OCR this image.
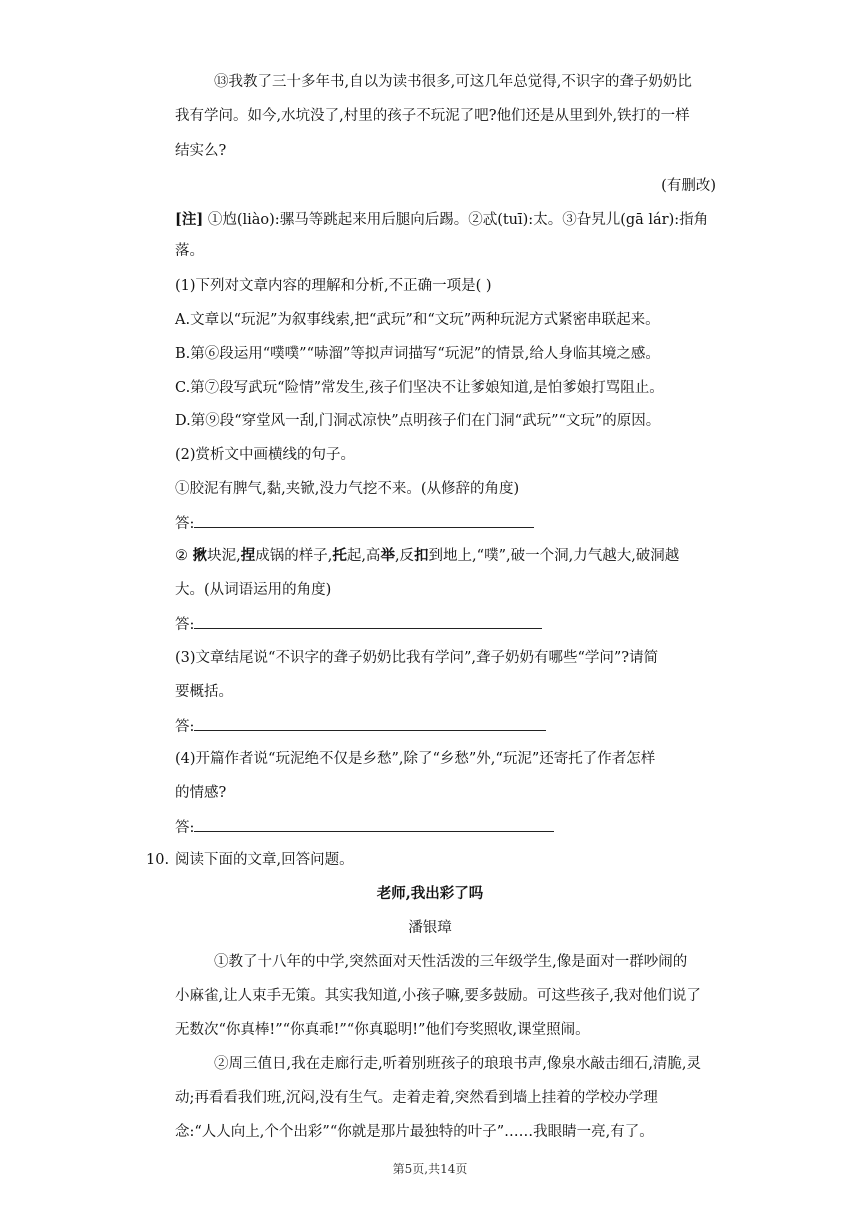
⑬我教了三十多年书,自以为读书很多,可这几年总觉得,不识字的聋子奶奶比
我有学问。如今,水坑没了,村里的孩子不玩泥了吧?他们还是从里到外,铁打的一样
结实么?
(有删改)
[注] ①尥(liào):骡马等跳起来用后腿向后踢。②忒(tuī):太。③旮旯儿(gā lár):指角
落。
(1)下列对文章内容的理解和分析,不正确一项是( )
A.文章以“玩泥”为叙事线索,把“武玩”和“文玩”两种玩泥方式紧密串联起来。
B.第⑥段运用“噗噗”“哧溜”等拟声词描写“玩泥”的情景,给人身临其境之感。
C.第⑦段写武玩“险情”常发生,孩子们坚决不让爹娘知道,是怕爹娘打骂阻止。
D.第⑨段“穿堂风一刮,门洞忒凉快”点明孩子们在门洞“武玩”“文玩”的原因。
(2)赏析文中画横线的句子。
①胶泥有脾气,黏,夹锨,没力气挖不来。(从修辞的角度)
答:
② 揪块泥,捏成锅的样子,托起,高举,反扣到地上,“噗”,破一个洞,力气越大,破洞越
大。(从词语运用的角度)
答:
(3)文章结尾说“不识字的聋子奶奶比我有学问”,聋子奶奶有哪些“学问”?请简
要概括。
答:
(4)开篇作者说“玩泥绝不仅是乡愁”,除了“乡愁”外,“玩泥”还寄托了作者怎样
的情感?
答:
10. 阅读下面的文章,回答问题。
老师,我出彩了吗
潘银璋
①教了十八年的中学,突然面对天性活泼的三年级学生,像是面对一群吵闹的
小麻雀,让人束手无策。其实我知道,小孩子嘛,要多鼓励。可这些孩子,我对他们说了
无数次“你真棒!”“你真乖!”“你真聪明!”他们夸奖照收,课堂照闹。
②周三值日,我在走廊行走,听着别班孩子的琅琅书声,像泉水敲击细石,清脆,灵
动;再看看我们班,沉闷,没有生气。走着走着,突然看到墙上挂着的学校办学理
念:“人人向上,个个出彩”“你就是那片最独特的叶子”……我眼睛一亮,有了。
第5页,共14页
